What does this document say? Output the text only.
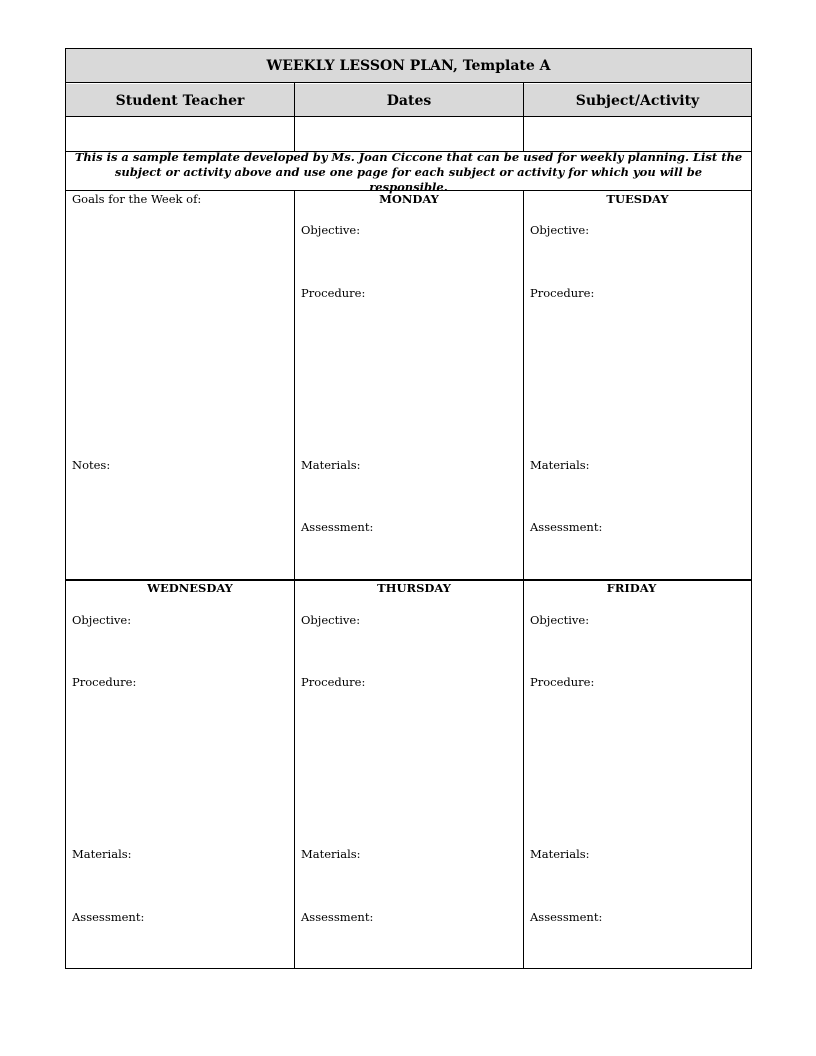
WEEKLY LESSON PLAN, Template A
Student Teacher	Dates	Subject/Activity
This is a sample template developed by Ms. Joan Ciccone that can be used for weekly planning. List the subject or activity above and use one page for each subject or activity for which you will be responsible.
Goals for the Week of:
Notes:
MONDAY
Objective:
Procedure:
Materials:
Assessment:
TUESDAY
Objective:
Procedure:
Materials:
Assessment:
WEDNESDAY
Objective:
Procedure:
Materials:
Assessment:
THURSDAY
Objective:
Procedure:
Materials:
Assessment:
FRIDAY
Objective:
Procedure:
Materials:
Assessment:
